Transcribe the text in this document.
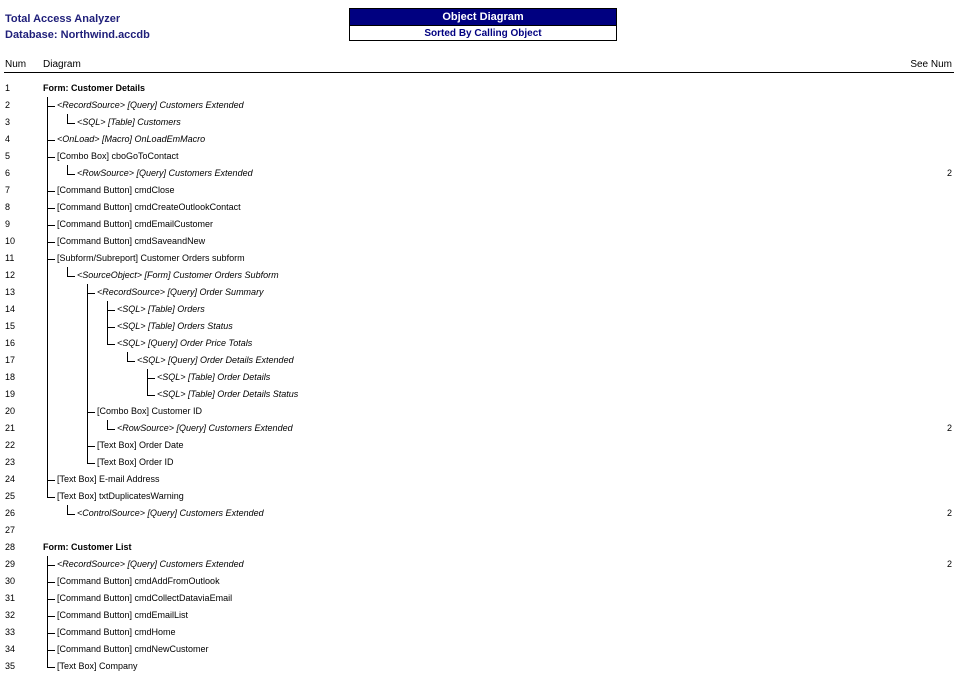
Total Access Analyzer
Database: Northwind.accdb
Object Diagram
Sorted By Calling Object
Num Diagram	See Num
1	Form: Customer Details
2	<RecordSource> [Query] Customers Extended
3	<SQL> [Table] Customers
4	<OnLoad> [Macro] OnLoadEmMacro
5	[Combo Box] cboGoToContact
6	<RowSource> [Query] Customers Extended	2
7	[Command Button] cmdClose
8	[Command Button] cmdCreateOutlookContact
9	[Command Button] cmdEmailCustomer
10	[Command Button] cmdSaveandNew
11	[Subform/Subreport] Customer Orders subform
12	<SourceObject> [Form] Customer Orders Subform
13	<RecordSource> [Query] Order Summary
14	<SQL> [Table] Orders
15	<SQL> [Table] Orders Status
16	<SQL> [Query] Order Price Totals
17	<SQL> [Query] Order Details Extended
18	<SQL> [Table] Order Details
19	<SQL> [Table] Order Details Status
20	[Combo Box] Customer ID
21	<RowSource> [Query] Customers Extended	2
22	[Text Box] Order Date
23	[Text Box] Order ID
24	[Text Box] E-mail Address
25	[Text Box] txtDuplicatesWarning
26	<ControlSource> [Query] Customers Extended	2
27
28	Form: Customer List
29	<RecordSource> [Query] Customers Extended	2
30	[Command Button] cmdAddFromOutlook
31	[Command Button] cmdCollectDataviaEmail
32	[Command Button] cmdEmailList
33	[Command Button] cmdHome
34	[Command Button] cmdNewCustomer
35	[Text Box] Company
